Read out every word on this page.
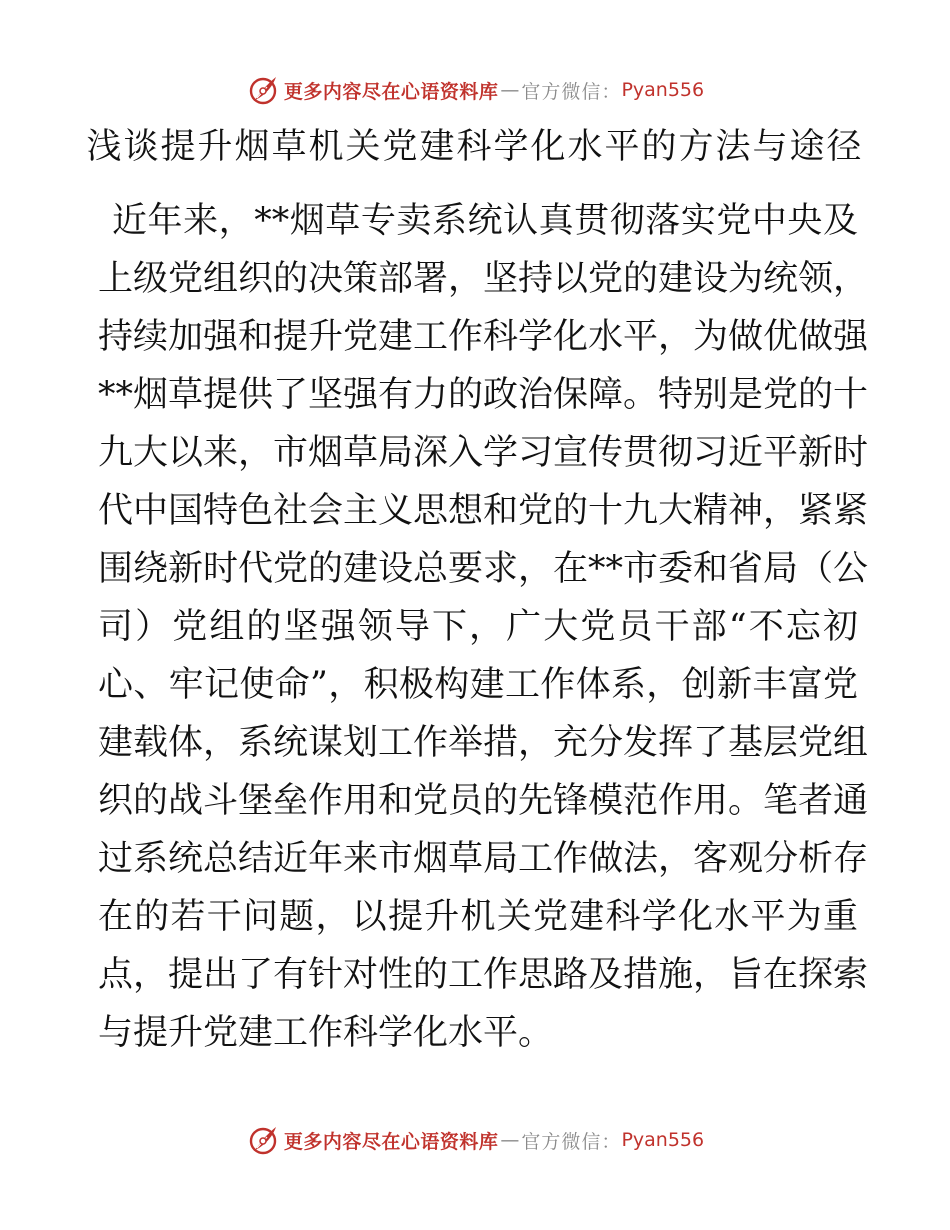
更多内容尽在心语资料库 — 官方微信： Pyan556
浅谈提升烟草机关党建科学化水平的方法与途径
近年来，**烟草专卖系统认真贯彻落实党中央及
上级党组织的决策部署，坚持以党的建设为统领，
持续加强和提升党建工作科学化水平，为做优做强
**烟草提供了坚强有力的政治保障。特别是党的十
九大以来，市烟草局深入学习宣传贯彻习近平新时
代中国特色社会主义思想和党的十九大精神，紧紧
围绕新时代党的建设总要求，在**市委和省局（公
司）党组的坚强领导下，广大党员干部“不忘初
心、牢记使命”，积极构建工作体系，创新丰富党
建载体，系统谋划工作举措，充分发挥了基层党组
织的战斗堡垒作用和党员的先锋模范作用。笔者通
过系统总结近年来市烟草局工作做法，客观分析存
在的若干问题，以提升机关党建科学化水平为重
点，提出了有针对性的工作思路及措施，旨在探索
与提升党建工作科学化水平。
更多内容尽在心语资料库 — 官方微信： Pyan556
